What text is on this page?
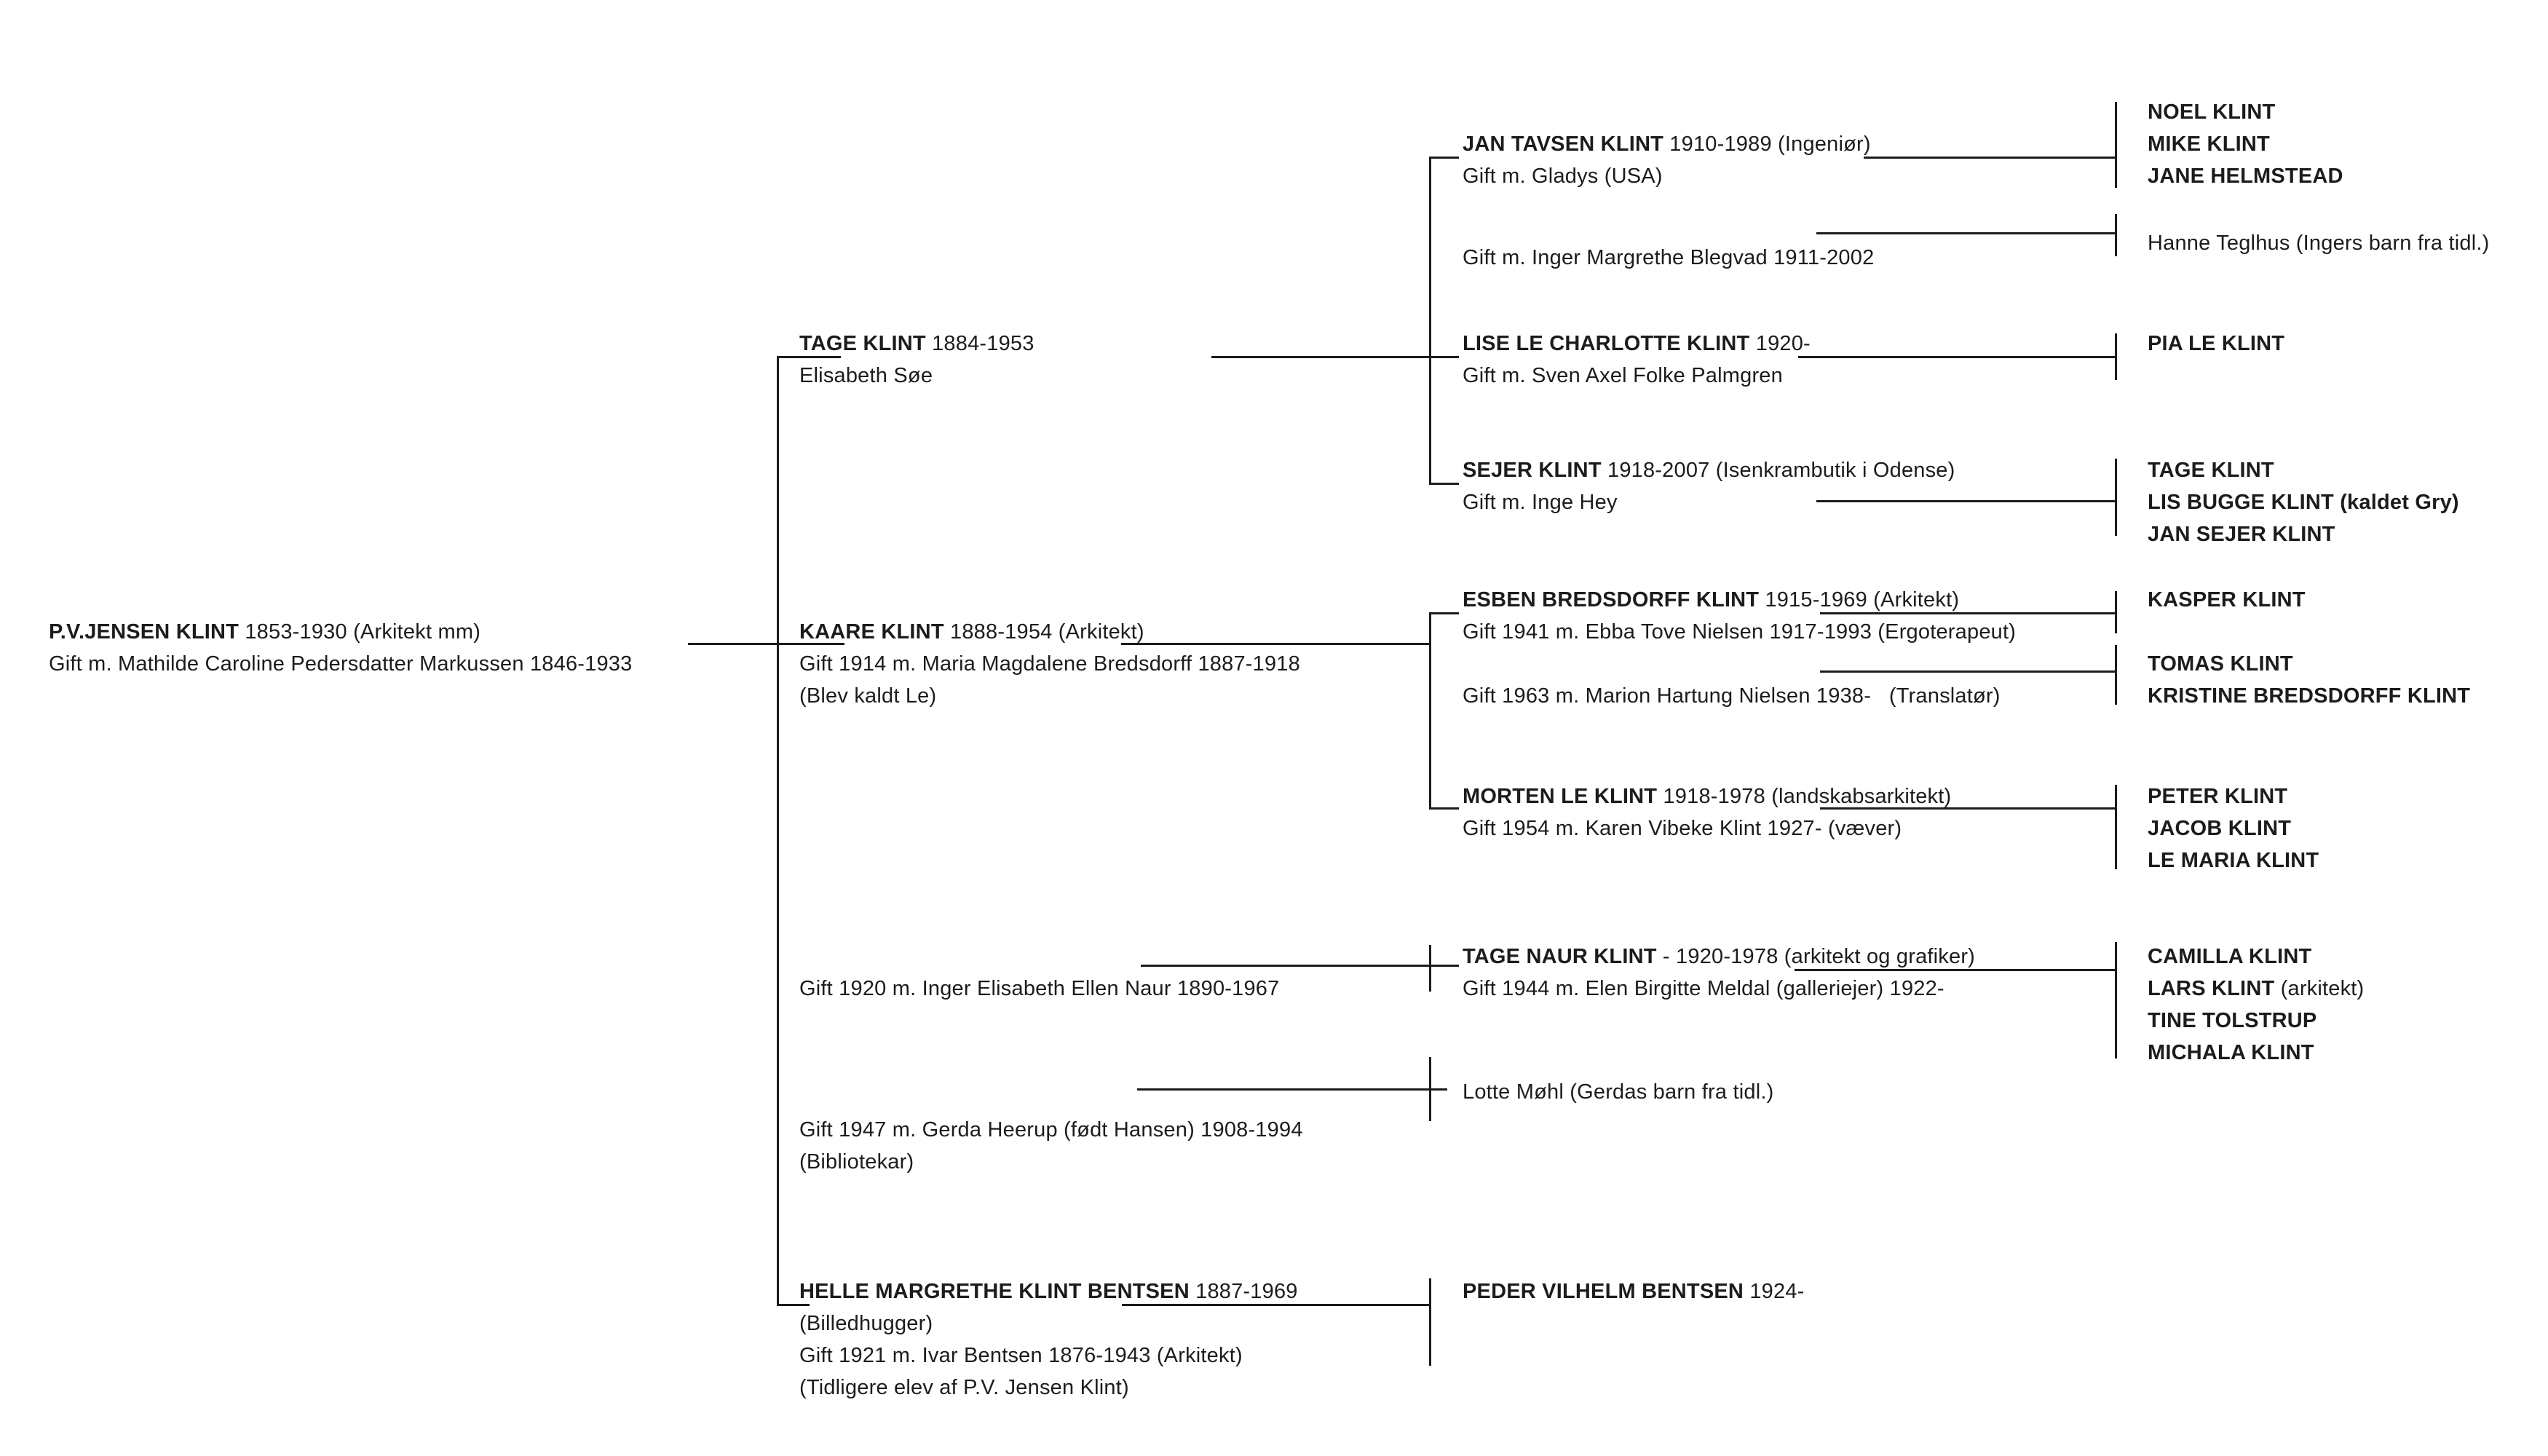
P.V.JENSEN KLINT 1853-1930 (Arkitekt mm)
Gift m. Mathilde Caroline Pedersdatter Markussen 1846-1933
TAGE KLINT 1884-1953
Elisabeth Søe
KAARE KLINT 1888-1954 (Arkitekt)
Gift 1914 m. Maria Magdalene Bredsdorff 1887-1918
(Blev kaldt Le)
Gift 1920 m. Inger Elisabeth Ellen Naur 1890-1967
Gift 1947 m. Gerda Heerup (født Hansen) 1908-1994
(Bibliotekar)
HELLE MARGRETHE KLINT BENTSEN 1887-1969
(Billedhugger)
Gift 1921 m. Ivar Bentsen 1876-1943 (Arkitekt)
(Tidligere elev af P.V. Jensen Klint)
JAN TAVSEN KLINT 1910-1989 (Ingeniør)
Gift m. Gladys (USA)
Gift m. Inger Margrethe Blegvad 1911-2002
LISE LE CHARLOTTE KLINT 1920-
Gift m. Sven Axel Folke Palmgren
SEJER KLINT 1918-2007 (Isenkrambutik i Odense)
Gift m. Inge Hey
ESBEN BREDSDORFF KLINT 1915-1969 (Arkitekt)
Gift 1941 m. Ebba Tove Nielsen 1917-1993 (Ergoterapeut)
Gift 1963 m. Marion Hartung Nielsen 1938-   (Translatør)
MORTEN LE KLINT 1918-1978 (landskabsarkitekt)
Gift 1954 m. Karen Vibeke Klint 1927- (væver)
TAGE NAUR KLINT - 1920-1978 (arkitekt og grafiker)
Gift 1944 m. Elen Birgitte Meldal (galleriejer) 1922-
Lotte Møhl (Gerdas barn fra tidl.)
PEDER VILHELM BENTSEN 1924-
NOEL KLINT
MIKE KLINT
JANE HELMSTEAD
Hanne Teglhus (Ingers barn fra tidl.)
PIA LE KLINT
TAGE KLINT
LIS BUGGE KLINT (kaldet Gry)
JAN SEJER KLINT
KASPER KLINT
TOMAS KLINT
KRISTINE BREDSDORFF KLINT
PETER KLINT
JACOB KLINT
LE MARIA KLINT
CAMILLA KLINT
LARS KLINT (arkitekt)
TINE TOLSTRUP
MICHALA KLINT
